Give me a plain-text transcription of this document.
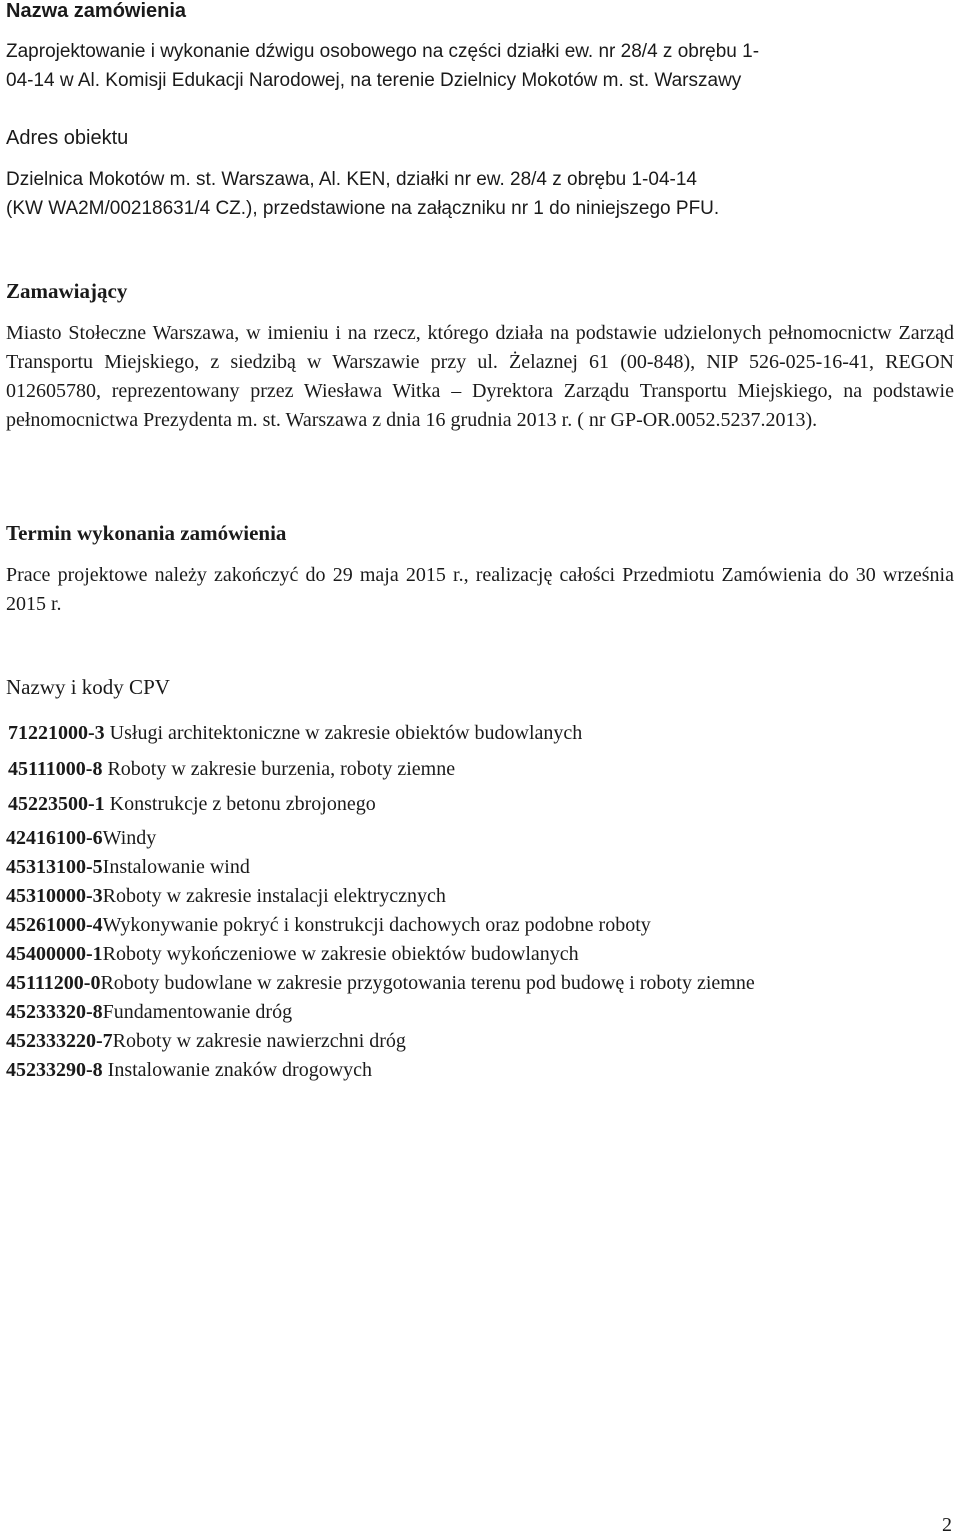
Nazwa zamówienia
Zaprojektowanie i wykonanie dźwigu osobowego na części działki ew. nr 28/4 z obrębu 1-
04-14 w Al. Komisji Edukacji Narodowej, na terenie Dzielnicy Mokotów m. st. Warszawy
Adres obiektu
Dzielnica Mokotów m. st. Warszawa, Al. KEN, działki nr ew. 28/4 z obrębu 1-04-14
(KW WA2M/00218631/4 CZ.), przedstawione na załączniku nr 1 do niniejszego PFU.
Zamawiający

Miasto Stołeczne Warszawa, w imieniu i na rzecz, którego działa na podstawie udzielonych pełnomocnictw Zarząd Transportu Miejskiego, z siedzibą w Warszawie przy ul. Żelaznej 61 (00-848), NIP 526-025-16-41, REGON 012605780, reprezentowany przez Wiesława Witka – Dyrektora Zarządu Transportu Miejskiego, na podstawie pełnomocnictwa Prezydenta m. st. Warszawa z dnia 16 grudnia 2013 r. ( nr GP-OR.0052.5237.2013).

Termin wykonania zamówienia

Prace projektowe należy zakończyć do 29 maja 2015 r., realizację całości Przedmiotu Zamówienia do 30 września 2015 r.

Nazwy i kody CPV
71221000-3 Usługi architektoniczne w zakresie obiektów budowlanych
45111000-8 Roboty w zakresie burzenia, roboty ziemne
45223500-1 Konstrukcje z betonu zbrojonego
42416100-6Windy
45313100-5Instalowanie wind
45310000-3Roboty w zakresie instalacji elektrycznych
45261000-4Wykonywanie pokryć i konstrukcji dachowych oraz podobne roboty
45400000-1Roboty wykończeniowe w zakresie obiektów budowlanych
45111200-0Roboty budowlane w zakresie przygotowania terenu pod budowę i roboty ziemne
45233320-8Fundamentowanie dróg
452333220-7Roboty w zakresie nawierzchni dróg
45233290-8 Instalowanie znaków drogowych
2
